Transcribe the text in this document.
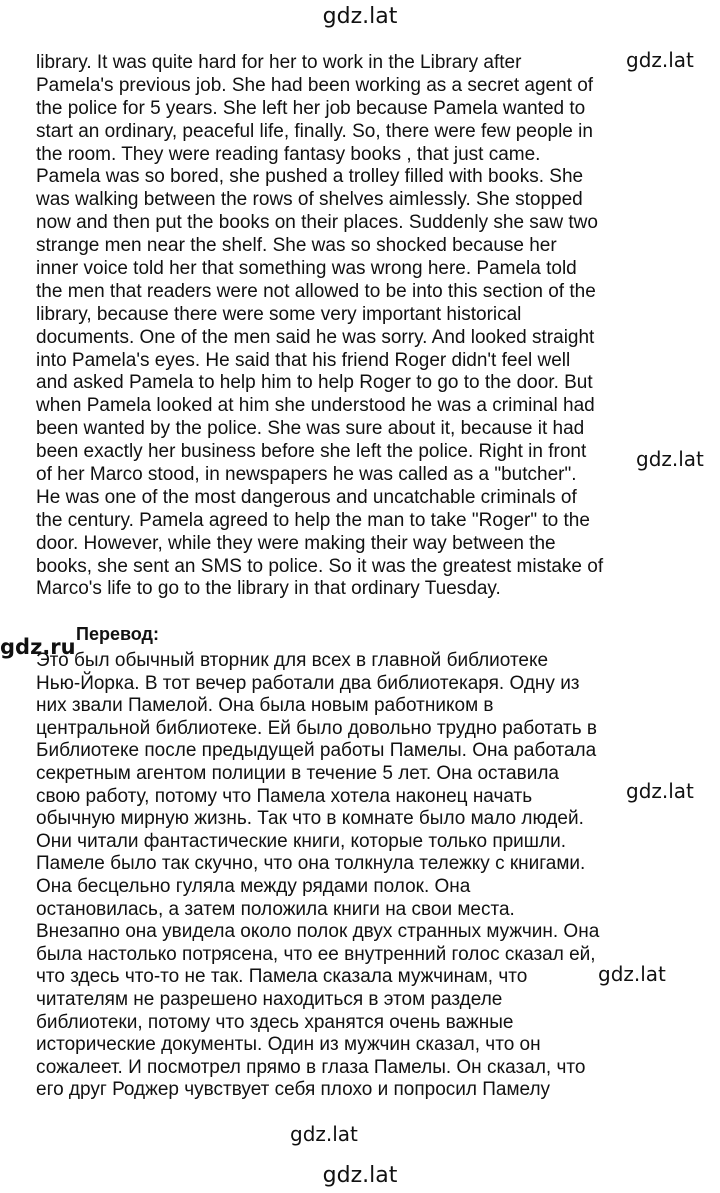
gdz.lat
gdz.lat
gdz.lat
gdz.ru
gdz.lat
gdz.lat
gdz.lat
gdz.lat
library. It was quite hard for her to work in the Library after
Pamela's previous job. She had been working as a secret agent of
the police for 5 years. She left her job because Pamela wanted to
start an ordinary, peaceful life, finally. So, there were few people in
the room. They were reading fantasy books , that just came.
Pamela was so bored, she pushed a trolley filled with books. She
was walking between the rows of shelves aimlessly. She stopped
now and then put the books on their places. Suddenly she saw two
strange men near the shelf. She was so shocked because her
inner voice told her that something was wrong here. Pamela told
the men that readers were not allowed to be into this section of the
library, because there were some very important historical
documents. One of the men said he was sorry. And looked straight
into Pamela's eyes. He said that his friend Roger didn't feel well
and asked Pamela to help him to help Roger to go to the door. But
when Pamela looked at him she understood he was a criminal had
been wanted by the police. She was sure about it, because it had
been exactly her business before she left the police. Right in front
of her Marco stood, in newspapers he was called as a "butcher".
He was one of the most dangerous and uncatchable criminals of
the century. Pamela agreed to help the man to take "Roger" to the
door. However, while they were making their way between the
books, she sent an SMS to police. So it was the greatest mistake of
Marco's life to go to the library in that ordinary Tuesday.
Перевод:
Это был обычный вторник для всех в главной библиотеке
Нью-Йорка. В тот вечер работали два библиотекаря. Одну из
них звали Памелой. Она была новым работником в
центральной библиотеке. Ей было довольно трудно работать в
Библиотеке после предыдущей работы Памелы. Она работала
секретным агентом полиции в течение 5 лет. Она оставила
свою работу, потому что Памела хотела наконец начать
обычную мирную жизнь. Так что в комнате было мало людей.
Они читали фантастические книги, которые только пришли.
Памеле было так скучно, что она толкнула тележку с книгами.
Она бесцельно гуляла между рядами полок. Она
остановилась, а затем положила книги на свои места.
Внезапно она увидела около полок двух странных мужчин. Она
была настолько потрясена, что ее внутренний голос сказал ей,
что здесь что-то не так. Памела сказала мужчинам, что
читателям не разрешено находиться в этом разделе
библиотеки, потому что здесь хранятся очень важные
исторические документы. Один из мужчин сказал, что он
сожалеет. И посмотрел прямо в глаза Памелы. Он сказал, что
его друг Роджер чувствует себя плохо и попросил Памелу
